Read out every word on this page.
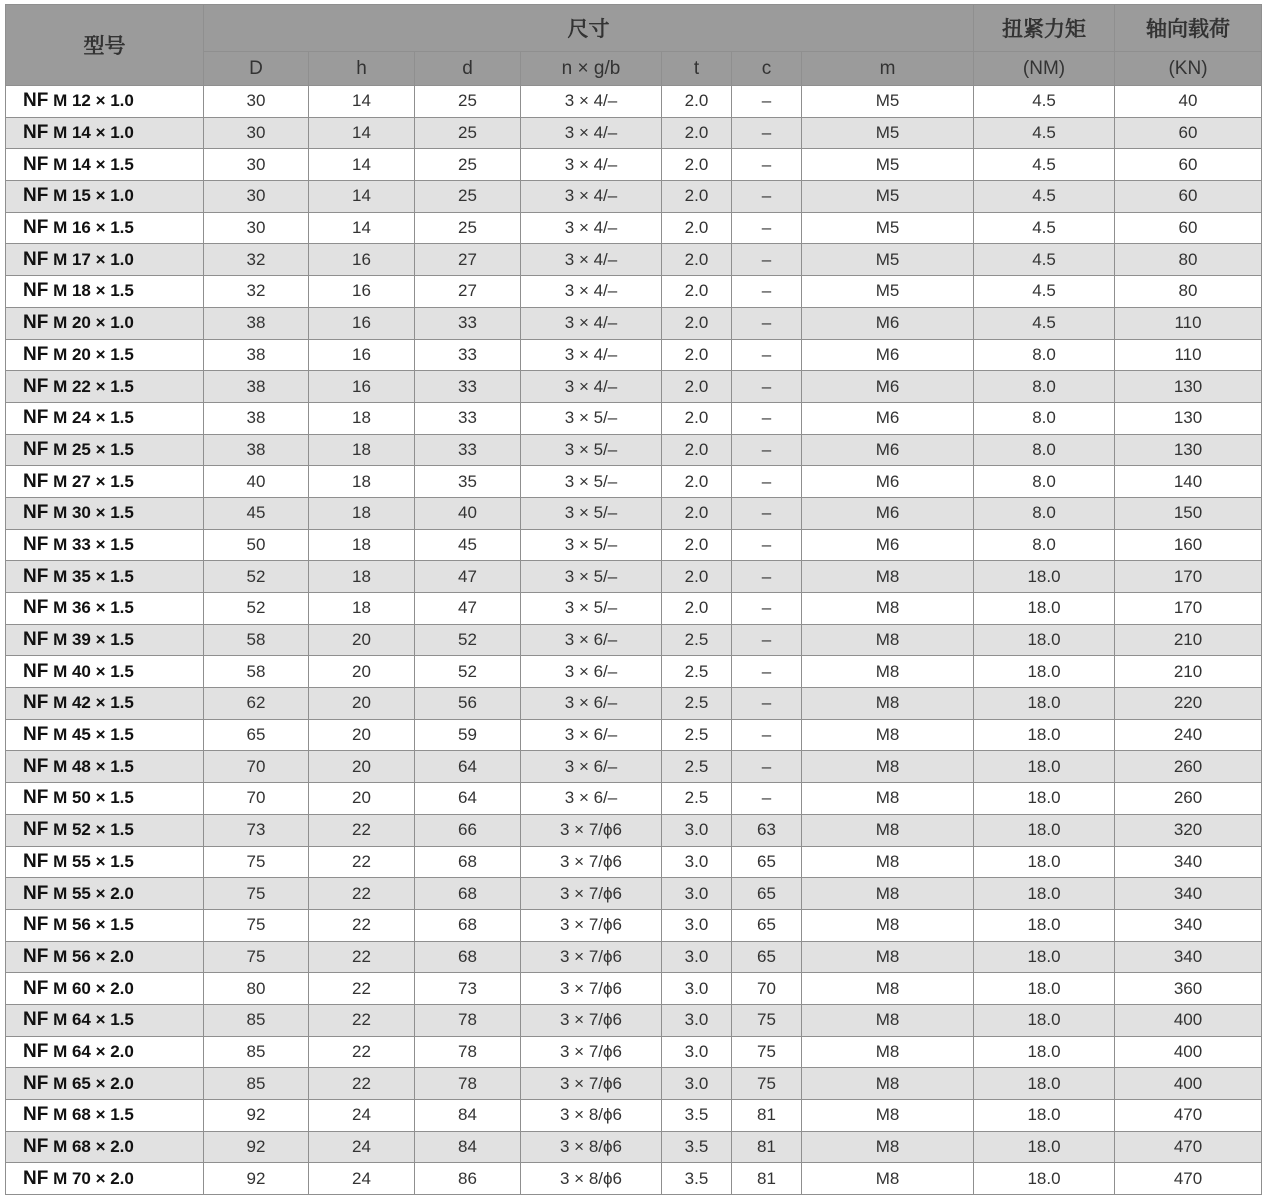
型号	尺寸							扭紧力矩	轴向载荷
	D	h	d	n × g/b	t	c	m	(NM)	(KN)
NF M 12 × 1.0	30	14	25	3 × 4/–	2.0	–	M5	4.5	40
NF M 14 × 1.0	30	14	25	3 × 4/–	2.0	–	M5	4.5	60
NF M 14 × 1.5	30	14	25	3 × 4/–	2.0	–	M5	4.5	60
NF M 15 × 1.0	30	14	25	3 × 4/–	2.0	–	M5	4.5	60
NF M 16 × 1.5	30	14	25	3 × 4/–	2.0	–	M5	4.5	60
NF M 17 × 1.0	32	16	27	3 × 4/–	2.0	–	M5	4.5	80
NF M 18 × 1.5	32	16	27	3 × 4/–	2.0	–	M5	4.5	80
NF M 20 × 1.0	38	16	33	3 × 4/–	2.0	–	M6	4.5	110
NF M 20 × 1.5	38	16	33	3 × 4/–	2.0	–	M6	8.0	110
NF M 22 × 1.5	38	16	33	3 × 4/–	2.0	–	M6	8.0	130
NF M 24 × 1.5	38	18	33	3 × 5/–	2.0	–	M6	8.0	130
NF M 25 × 1.5	38	18	33	3 × 5/–	2.0	–	M6	8.0	130
NF M 27 × 1.5	40	18	35	3 × 5/–	2.0	–	M6	8.0	140
NF M 30 × 1.5	45	18	40	3 × 5/–	2.0	–	M6	8.0	150
NF M 33 × 1.5	50	18	45	3 × 5/–	2.0	–	M6	8.0	160
NF M 35 × 1.5	52	18	47	3 × 5/–	2.0	–	M8	18.0	170
NF M 36 × 1.5	52	18	47	3 × 5/–	2.0	–	M8	18.0	170
NF M 39 × 1.5	58	20	52	3 × 6/–	2.5	–	M8	18.0	210
NF M 40 × 1.5	58	20	52	3 × 6/–	2.5	–	M8	18.0	210
NF M 42 × 1.5	62	20	56	3 × 6/–	2.5	–	M8	18.0	220
NF M 45 × 1.5	65	20	59	3 × 6/–	2.5	–	M8	18.0	240
NF M 48 × 1.5	70	20	64	3 × 6/–	2.5	–	M8	18.0	260
NF M 50 × 1.5	70	20	64	3 × 6/–	2.5	–	M8	18.0	260
NF M 52 × 1.5	73	22	66	3 × 7/ϕ6	3.0	63	M8	18.0	320
NF M 55 × 1.5	75	22	68	3 × 7/ϕ6	3.0	65	M8	18.0	340
NF M 55 × 2.0	75	22	68	3 × 7/ϕ6	3.0	65	M8	18.0	340
NF M 56 × 1.5	75	22	68	3 × 7/ϕ6	3.0	65	M8	18.0	340
NF M 56 × 2.0	75	22	68	3 × 7/ϕ6	3.0	65	M8	18.0	340
NF M 60 × 2.0	80	22	73	3 × 7/ϕ6	3.0	70	M8	18.0	360
NF M 64 × 1.5	85	22	78	3 × 7/ϕ6	3.0	75	M8	18.0	400
NF M 64 × 2.0	85	22	78	3 × 7/ϕ6	3.0	75	M8	18.0	400
NF M 65 × 2.0	85	22	78	3 × 7/ϕ6	3.0	75	M8	18.0	400
NF M 68 × 1.5	92	24	84	3 × 8/ϕ6	3.5	81	M8	18.0	470
NF M 68 × 2.0	92	24	84	3 × 8/ϕ6	3.5	81	M8	18.0	470
NF M 70 × 2.0	92	24	86	3 × 8/ϕ6	3.5	81	M8	18.0	470
